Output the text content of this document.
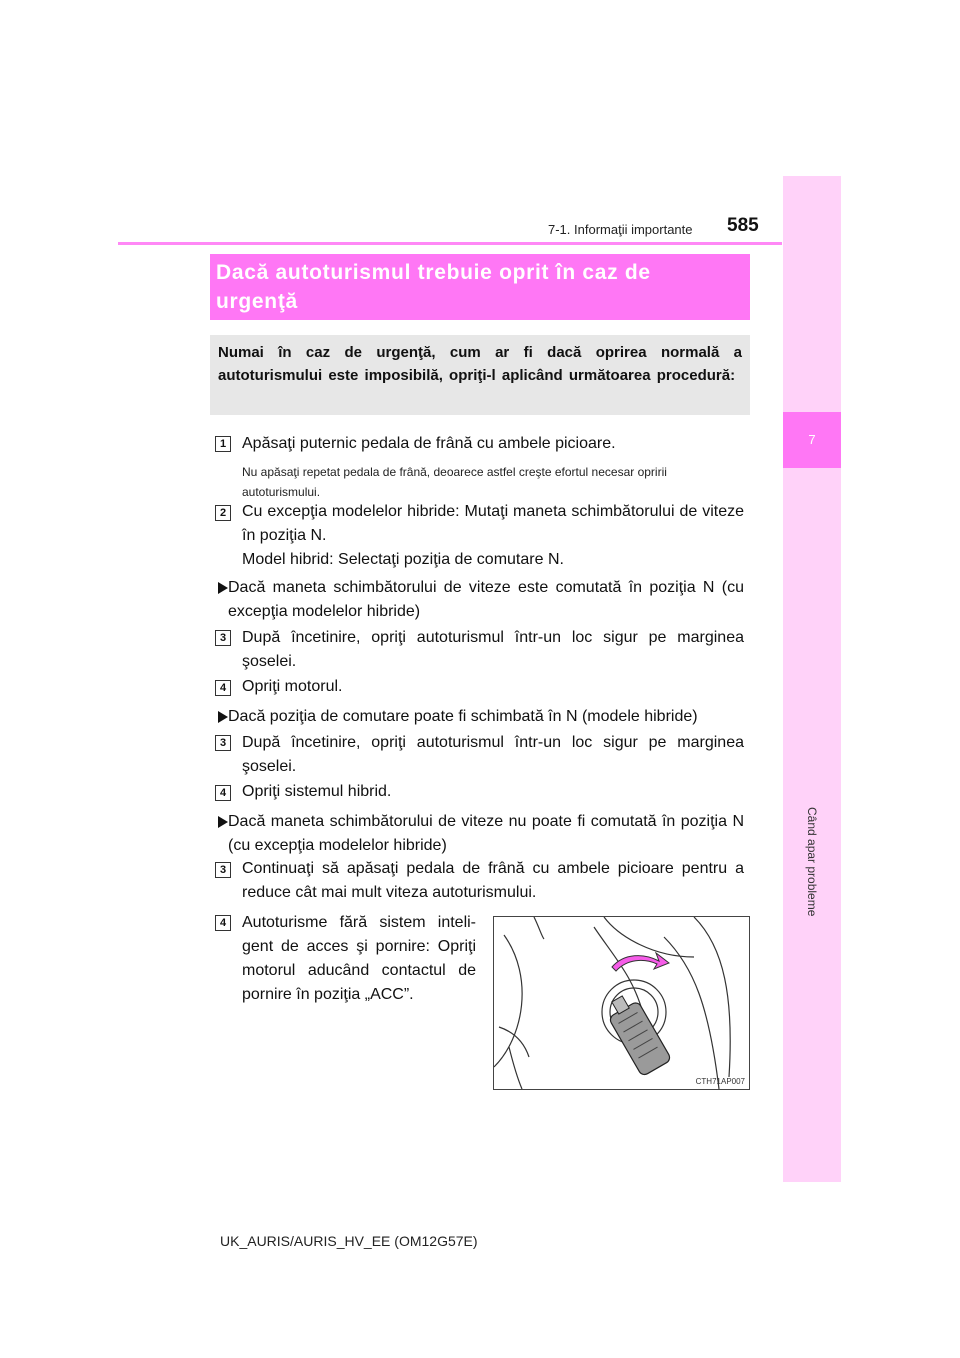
7
Când apar probleme
7-1. Informaţii importante 585
Dacă autoturismul trebuie oprit în caz de
urgenţă
Numai în caz de urgenţă, cum ar fi dacă oprirea normală a autoturismului este imposibilă, opriţi-l aplicând următoarea procedură:
1 Apăsaţi puternic pedala de frână cu ambele picioare.
Nu apăsaţi repetat pedala de frână, deoarece astfel creşte efortul necesar opririi autoturismului.
2 Cu excepţia modelelor hibride: Mutaţi maneta schimbătorului de viteze în poziţia N.
Model hibrid: Selectaţi poziţia de comutare N.
Dacă maneta schimbătorului de viteze este comutată în poziţia N (cu excepţia modelelor hibride)
3 După încetinire, opriţi autoturismul într-un loc sigur pe marginea şoselei.
4 Opriţi motorul.
Dacă poziţia de comutare poate fi schimbată în N (modele hibride)
3 După încetinire, opriţi autoturismul într-un loc sigur pe marginea şoselei.
4 Opriţi sistemul hibrid.
Dacă maneta schimbătorului de viteze nu poate fi comutată în poziţia N (cu excepţia modelelor hibride)
3 Continuaţi să apăsaţi pedala de frână cu ambele picioare pentru a reduce cât mai mult viteza autoturismului.
4 Autoturisme fără sistem inteli-gent de acces şi pornire: Opriţi motorul aducând contactul de pornire în poziţia „ACC”.
CTH71AP007
UK_AURIS/AURIS_HV_EE (OM12G57E)
